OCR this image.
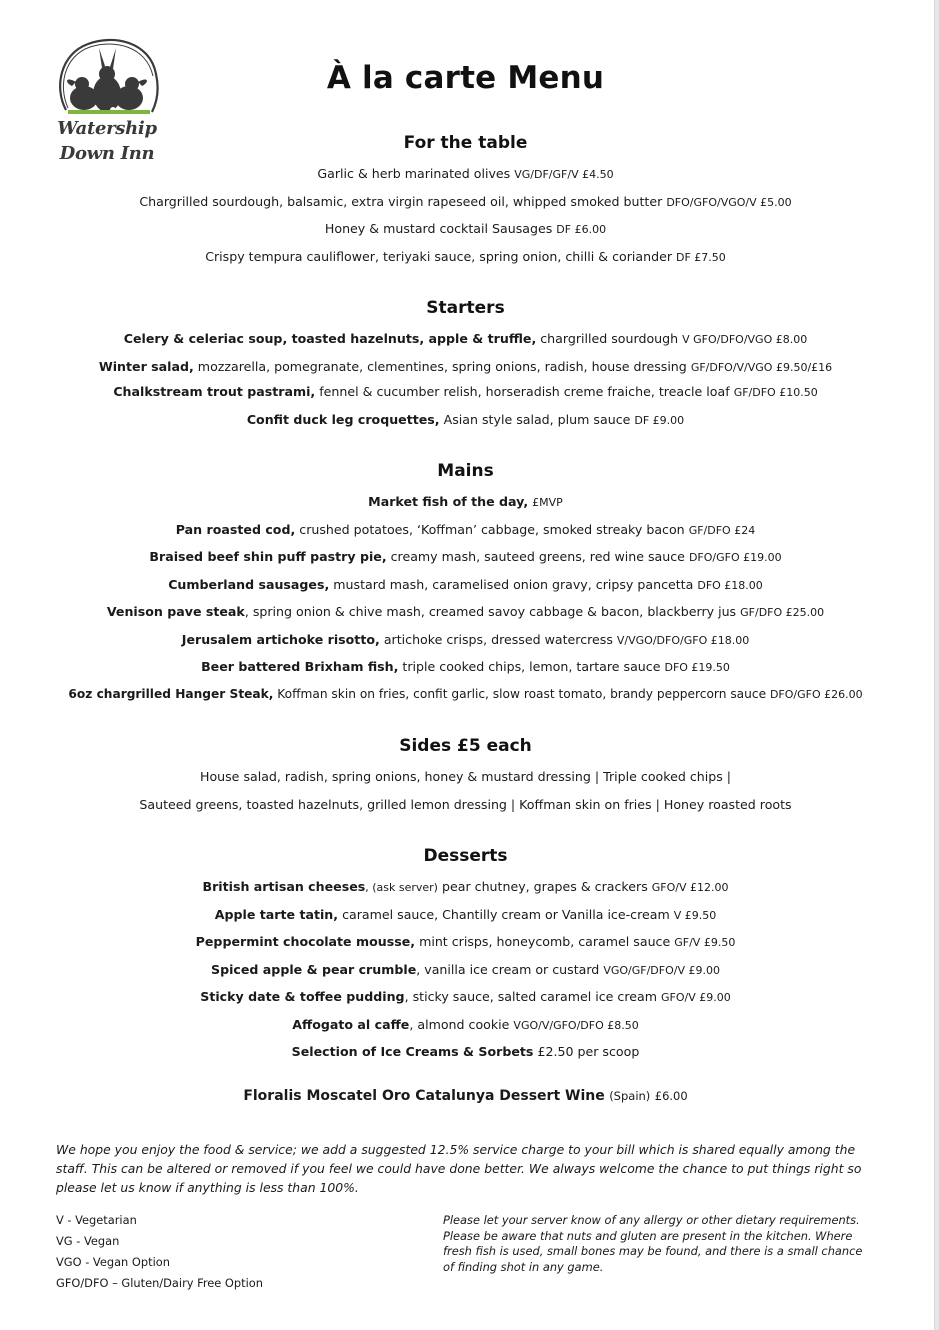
Watership
Down Inn
À la carte Menu
For the table
Garlic & herb marinated olives VG/DF/GF/V £4.50
Chargrilled sourdough, balsamic, extra virgin rapeseed oil, whipped smoked butter DFO/GFO/VGO/V £5.00
Honey & mustard cocktail Sausages DF £6.00
Crispy tempura cauliflower, teriyaki sauce, spring onion, chilli & coriander DF £7.50
Starters
Celery & celeriac soup, toasted hazelnuts, apple & truffle, chargrilled sourdough V GFO/DFO/VGO £8.00
Winter salad, mozzarella, pomegranate, clementines, spring onions, radish, house dressing GF/DFO/V/VGO £9.50/£16
Chalkstream trout pastrami, fennel & cucumber relish, horseradish creme fraiche, treacle loaf GF/DFO £10.50
Confit duck leg croquettes, Asian style salad, plum sauce DF £9.00
Mains
Market fish of the day, £MVP
Pan roasted cod, crushed potatoes, ‘Koffman’ cabbage, smoked streaky bacon GF/DFO £24
Braised beef shin puff pastry pie, creamy mash, sauteed greens, red wine sauce DFO/GFO £19.00
Cumberland sausages, mustard mash, caramelised onion gravy, cripsy pancetta DFO £18.00
Venison pave steak, spring onion & chive mash, creamed savoy cabbage & bacon, blackberry jus GF/DFO £25.00
Jerusalem artichoke risotto, artichoke crisps, dressed watercress V/VGO/DFO/GFO £18.00
Beer battered Brixham fish, triple cooked chips, lemon, tartare sauce DFO £19.50
6oz chargrilled Hanger Steak, Koffman skin on fries, confit garlic, slow roast tomato, brandy peppercorn sauce DFO/GFO £26.00
Sides £5 each
House salad, radish, spring onions, honey & mustard dressing | Triple cooked chips |
Sauteed greens, toasted hazelnuts, grilled lemon dressing | Koffman skin on fries | Honey roasted roots
Desserts
British artisan cheeses, (ask server) pear chutney, grapes & crackers GFO/V £12.00
Apple tarte tatin, caramel sauce, Chantilly cream or Vanilla ice-cream V £9.50
Peppermint chocolate mousse, mint crisps, honeycomb, caramel sauce GF/V £9.50
Spiced apple & pear crumble, vanilla ice cream or custard VGO/GF/DFO/V £9.00
Sticky date & toffee pudding, sticky sauce, salted caramel ice cream GFO/V £9.00
Affogato al caffe, almond cookie VGO/V/GFO/DFO £8.50
Selection of Ice Creams & Sorbets £2.50 per scoop
Floralis Moscatel Oro Catalunya Dessert Wine (Spain) £6.00
We hope you enjoy the food & service; we add a suggested 12.5% service charge to your bill which is shared equally among the staff. This can be altered or removed if you feel we could have done better. We always welcome the chance to put things right so please let us know if anything is less than 100%.
V - Vegetarian
VG - Vegan
VGO - Vegan Option
GFO/DFO – Gluten/Dairy Free Option
Please let your server know of any allergy or other dietary requirements. Please be aware that nuts and gluten are present in the kitchen. Where fresh fish is used, small bones may be found, and there is a small chance of finding shot in any game.
